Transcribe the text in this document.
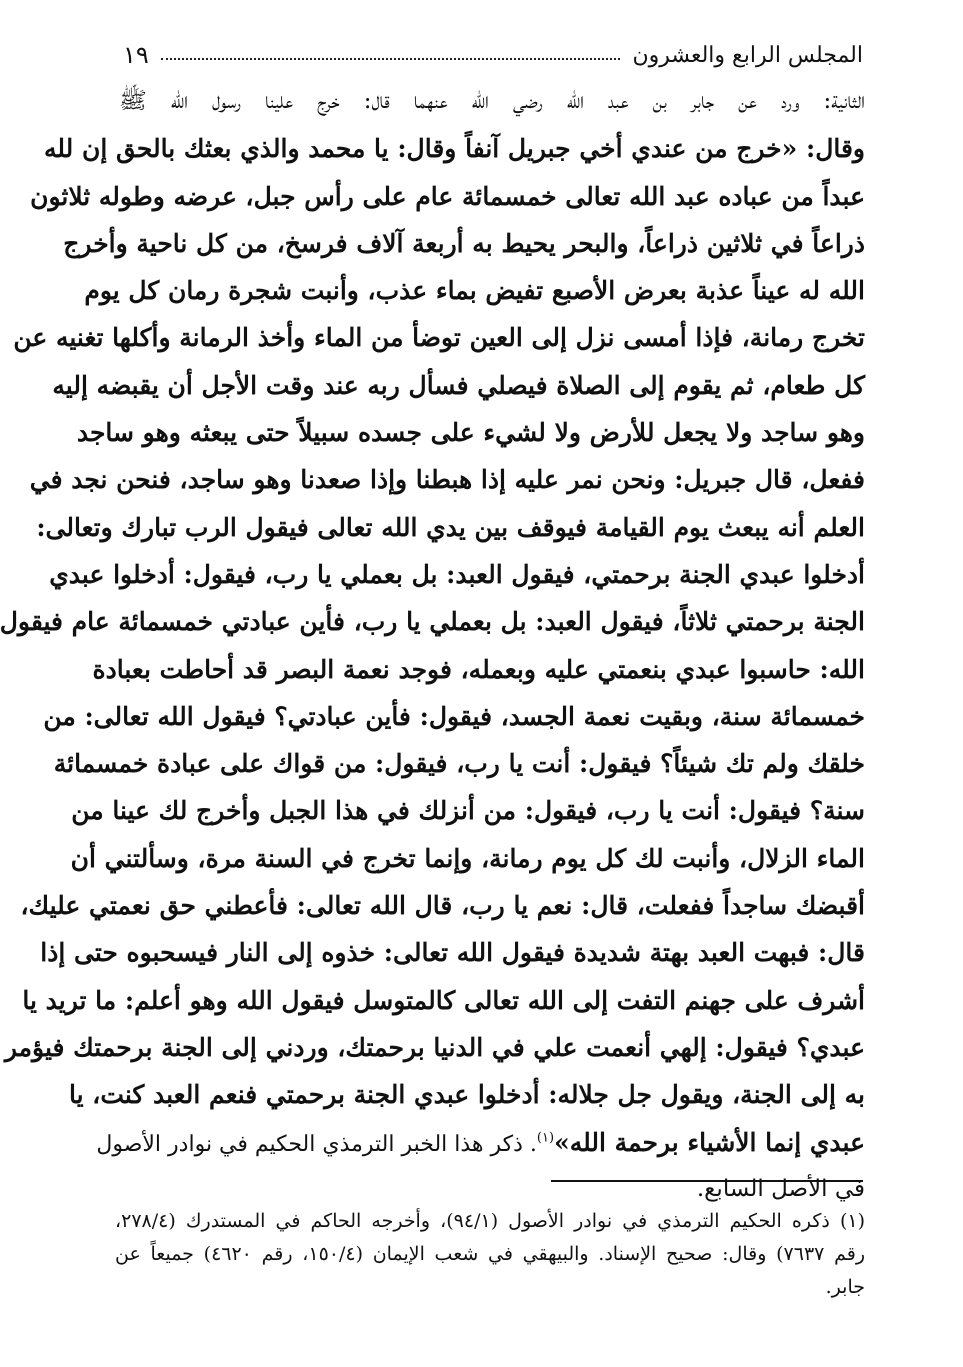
المجلس الرابع والعشرون
١٩
الثانية: ورد عن جابر بن عبد الله رضي الله عنهما قال: خرج علينا رسول الله ﷺ
وقال: «خرج من عندي أخي جبريل آنفاً وقال: يا محمد والذي بعثك بالحق إن لله
عبداً من عباده عبد الله تعالى خمسمائة عام على رأس جبل، عرضه وطوله ثلاثون
ذراعاً في ثلاثين ذراعاً، والبحر يحيط به أربعة آلاف فرسخ، من كل ناحية وأخرج
الله له عيناً عذبة بعرض الأصبع تفيض بماء عذب، وأنبت شجرة رمان كل يوم
تخرج رمانة، فإذا أمسى نزل إلى العين توضأ من الماء وأخذ الرمانة وأكلها تغنيه عن
كل طعام، ثم يقوم إلى الصلاة فيصلي فسأل ربه عند وقت الأجل أن يقبضه إليه
وهو ساجد ولا يجعل للأرض ولا لشيء على جسده سبيلاً حتى يبعثه وهو ساجد
ففعل، قال جبريل: ونحن نمر عليه إذا هبطنا وإذا صعدنا وهو ساجد، فنحن نجد في
العلم أنه يبعث يوم القيامة فيوقف بين يدي الله تعالى فيقول الرب تبارك وتعالى:
أدخلوا عبدي الجنة برحمتي، فيقول العبد: بل بعملي يا رب، فيقول: أدخلوا عبدي
الجنة برحمتي ثلاثاً، فيقول العبد: بل بعملي يا رب، فأين عبادتي خمسمائة عام فيقول
الله: حاسبوا عبدي بنعمتي عليه وبعمله، فوجد نعمة البصر قد أحاطت بعبادة
خمسمائة سنة، وبقيت نعمة الجسد، فيقول: فأين عبادتي؟ فيقول الله تعالى: من
خلقك ولم تك شيئاً؟ فيقول: أنت يا رب، فيقول: من قواك على عبادة خمسمائة
سنة؟ فيقول: أنت يا رب، فيقول: من أنزلك في هذا الجبل وأخرج لك عينا من
الماء الزلال، وأنبت لك كل يوم رمانة، وإنما تخرج في السنة مرة، وسألتني أن
أقبضك ساجداً ففعلت، قال: نعم يا رب، قال الله تعالى: فأعطني حق نعمتي عليك،
قال: فبهت العبد بهتة شديدة فيقول الله تعالى: خذوه إلى النار فيسحبوه حتى إذا
أشرف على جهنم التفت إلى الله تعالى كالمتوسل فيقول الله وهو أعلم: ما تريد يا
عبدي؟ فيقول: إلهي أنعمت علي في الدنيا برحمتك، وردني إلى الجنة برحمتك فيؤمر
به إلى الجنة، ويقول جل جلاله: أدخلوا عبدي الجنة برحمتي فنعم العبد كنت، يا
عبدي إنما الأشياء برحمة الله»$^{(١)}$. ذكر هذا الخبر الترمذي الحكيم في نوادر الأصول
في الأصل السابع.
(١) ذكره الحكيم الترمذي في نوادر الأصول (٩٤/١)، وأخرجه الحاكم في المستدرك (٢٧٨/٤،
رقم ٧٦٣٧) وقال: صحيح الإسناد. والبيهقي في شعب الإيمان (١٥٠/٤، رقم ٤٦٢٠) جميعاً عن
جابر.
